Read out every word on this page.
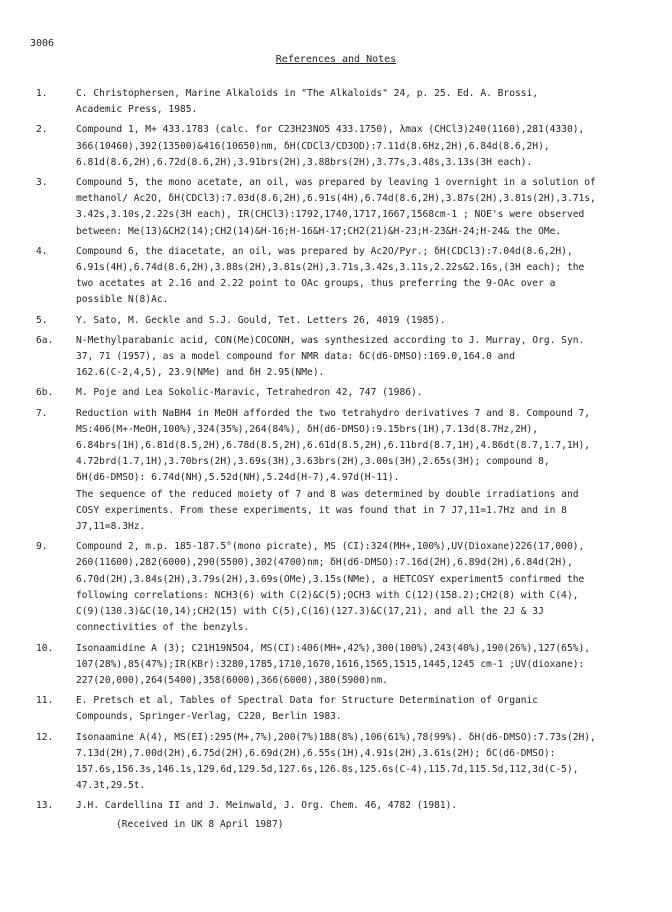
3006
References and Notes
1.	C. Christophersen, Marine Alkaloids in "The Alkaloids" 24, p. 25. Ed. A. Brossi,
Academic Press, 1985.
2.	Compound 1, M+ 433.1783 (calc. for C23H23NO5 433.1750), λmax (CHCl3)240(1160),281(4330),
366(10460),392(13500)&416(10650)nm, δH(CDCl3/CD3OD):7.11d(8.6Hz,2H),6.84d(8.6,2H),
6.81d(8.6,2H),6.72d(8.6,2H),3.91brs(2H),3.88brs(2H),3.77s,3.48s,3.13s(3H each).
3.	Compound 5, the mono acetate, an oil, was prepared by leaving 1 overnight in a solution of
methanol/ Ac2O, δH(CDCl3):7.03d(8.6,2H),6.91s(4H),6.74d(8.6,2H),3.87s(2H),3.81s(2H),3.71s,
3.42s,3.10s,2.22s(3H each), IR(CHCl3):1792,1740,1717,1667,1568cm-1 ; NOE's were observed
between: Me(13)&CH2(14);CH2(14)&H-16;H-16&H-17;CH2(21)&H-23;H-23&H-24;H-24& the OMe.
4.	Compound 6, the diacetate, an oil, was prepared by Ac2O/Pyr.; δH(CDCl3):7.04d(8.6,2H),
6.91s(4H),6.74d(8.6,2H),3.88s(2H),3.81s(2H),3.71s,3.42s,3.11s,2.22s&2.16s,(3H each); the
two acetates at 2.16 and 2.22 point to OAc groups, thus preferring the 9-OAc over a
possible N(8)Ac.
5.	Y. Sato, M. Geckle and S.J. Gould, Tet. Letters 26, 4019 (1985).
6a.	N-Methylparabanic acid, CON(Me)COCONH, was synthesized according to J. Murray, Org. Syn.
37, 71 (1957), as a model compound for NMR data: δC(d6-DMSO):169.0,164.0 and
162.6(C-2,4,5), 23.9(NMe) and δH 2.95(NMe).
6b.	M. Poje and Lea Sokolic-Maravic, Tetrahedron 42, 747 (1986).
7.	Reduction with NaBH4 in MeOH afforded the two tetrahydro derivatives 7 and 8. Compound 7,
MS:406(M+-MeOH,100%),324(35%),264(84%), δH(d6-DMSO):9.15brs(1H),7.13d(8.7Hz,2H),
6.84brs(1H),6.81d(8.5,2H),6.78d(8.5,2H),6.61d(8.5,2H),6.11brd(8.7,1H),4.86dt(8.7,1.7,1H),
4.72brd(1.7,1H),3.70brs(2H),3.69s(3H),3.63brs(2H),3.00s(3H),2.65s(3H); compound 8,
δH(d6-DMSO): 6.74d(NH),5.52d(NH),5.24d(H-7),4.97d(H-11).
The sequence of the reduced moiety of 7 and 8 was determined by double irradiations and
COSY experiments. From these experiments, it was found that in 7 J7,11=1.7Hz and in 8
J7,11=8.3Hz.
9.	Compound 2, m.p. 185-187.5°(mono picrate), MS (CI):324(MH+,100%),UV(Dioxane)226(17,000),
260(11600),282(6000),290(5500),302(4700)nm; δH(d6-DMSO):7.16d(2H),6.89d(2H),6.84d(2H),
6.70d(2H),3.84s(2H),3.79s(2H),3.69s(OMe),3.15s(NMe), a HETCOSY experiment5 confirmed the
following correlations: NCH3(6) with C(2)&C(5);OCH3 with C(12)(158.2);CH2(8) with C(4),
C(9)(130.3)&C(10,14);CH2(15) with C(5),C(16)(127.3)&C(17,21), and all the 2J & 3J
connectivities of the benzyls.
10.	Isonaamidine A (3); C21H19N5O4, MS(CI):406(MH+,42%),300(100%),243(40%),190(26%),127(65%),
107(28%),85(47%);IR(KBr):3280,1785,1710,1670,1616,1565,1515,1445,1245 cm-1 ;UV(dioxane):
227(20,000),264(5400),358(6000),366(6000),380(5900)nm.
11.	E. Pretsch et al, Tables of Spectral Data for Structure Determination of Organic
Compounds, Springer-Verlag, C220, Berlin 1983.
12.	Isonaamine A(4), MS(EI):295(M+,7%),200(7%)188(8%),106(61%),78(99%). δH(d6-DMSO):7.73s(2H),
7.13d(2H),7.00d(2H),6.75d(2H),6.69d(2H),6.55s(1H),4.91s(2H),3.61s(2H); δC(d6-DMSO):
157.6s,156.3s,146.1s,129.6d,129.5d,127.6s,126.8s,125.6s(C-4),115.7d,115.5d,112,3d(C-5),
47.3t,29.5t.
13.	J.H. Cardellina II and J. Meinwald, J. Org. Chem. 46, 4782 (1981).
(Received in UK 8 April 1987)
